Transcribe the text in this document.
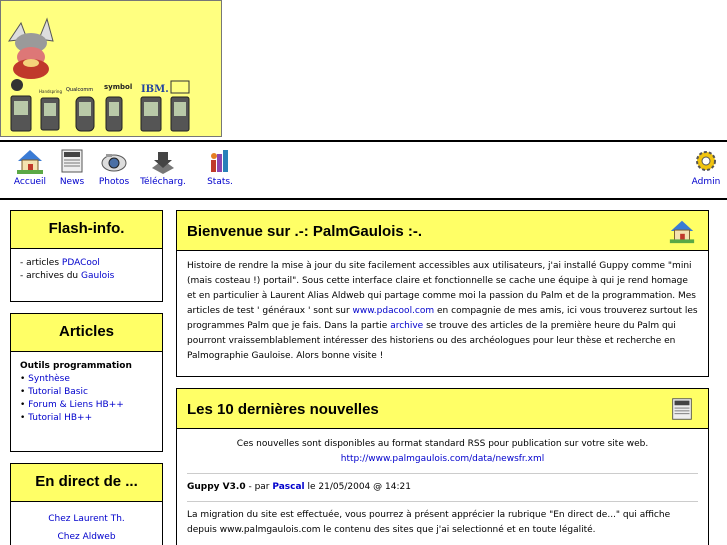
Qualcomm symbol IBM.
Handspring
Accueil	News	Photos	Télécharg.	Stats.	Admin
Flash-info.
- articles PDACool
- archives du Gaulois
Articles
Outils programmation
• Synthèse
• Tutorial Basic
• Forum & Liens HB++
• Tutorial HB++
En direct de ...
Chez Laurent Th.
Chez Aldweb
Bienvenue sur .-: PalmGaulois :-.
Histoire de rendre la mise à jour du site facilement accessibles aux utilisateurs, j'ai installé Guppy comme "mini (mais costeau !) portail". Sous cette interface claire et fonctionnelle se cache une équipe à qui je rend homage et en particulier à Laurent Alias Aldweb qui partage comme moi la passion du Palm et de la programmation. Mes articles de test ' généraux ' sont sur www.pdacool.com en compagnie de mes amis, ici vous trouverez surtout les programmes Palm que je fais. Dans la partie archive se trouve des articles de la première heure du Palm qui pourront vraissemblablement intéresser des historiens ou des archéologues pour leur thèse et recherche en Palmographie Gauloise. Alors bonne visite !
Les 10 dernières nouvelles
Ces nouvelles sont disponibles au format standard RSS pour publication sur votre site web.
http://www.palmgaulois.com/data/newsfr.xml
Guppy V3.0 - par Pascal le 21/05/2004 @ 14:21
La migration du site est effectuée, vous pourrez à présent apprécier la rubrique "En direct de..." qui affiche depuis www.palmgaulois.com le contenu des sites que j'ai selectionné et en toute légalité.
